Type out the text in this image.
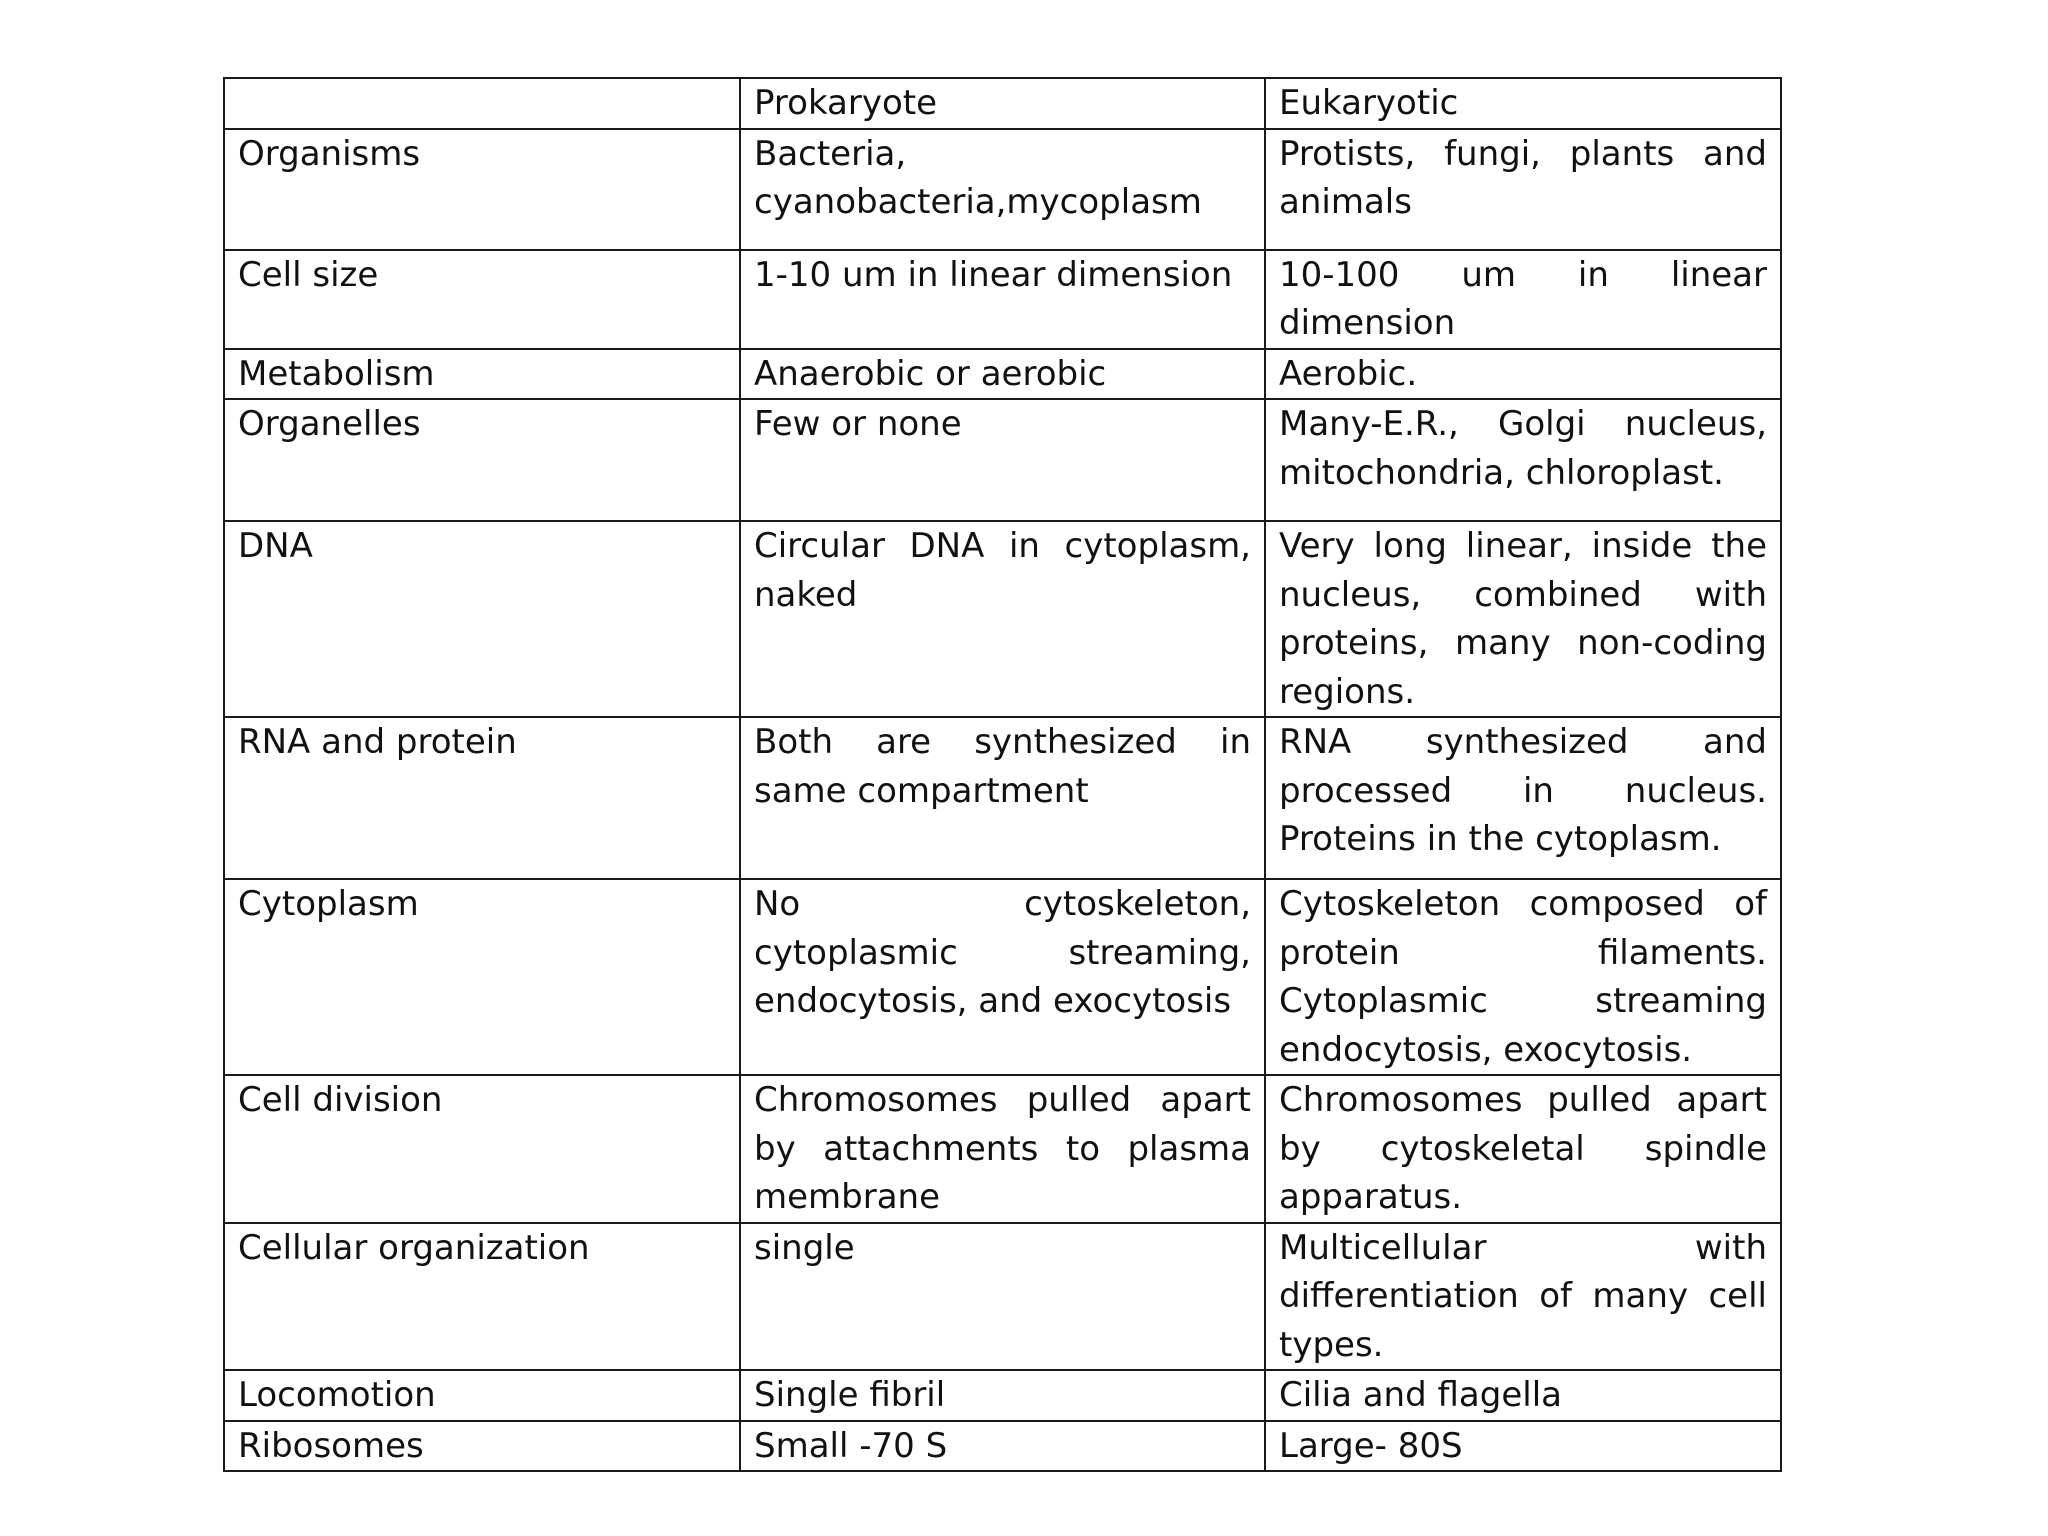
	Prokaryote	Eukaryotic
Organisms	Bacteria, cyanobacteria,mycoplasm	Protists, fungi, plants and animals
Cell size	1-10 um in linear dimension	10-100 um in linear dimension
Metabolism	Anaerobic or aerobic	Aerobic.
Organelles	Few or none	Many-E.R., Golgi nucleus, mitochondria, chloroplast.
DNA	Circular DNA in cytoplasm, naked	Very long linear, inside the nucleus, combined with proteins, many non-coding regions.
RNA and protein	Both are synthesized in same compartment	RNA synthesized and processed in nucleus. Proteins in the cytoplasm.
Cytoplasm	No cytoskeleton, cytoplasmic streaming, endocytosis, and exocytosis	Cytoskeleton composed of protein filaments. Cytoplasmic streaming endocytosis, exocytosis.
Cell division	Chromosomes pulled apart by attachments to plasma membrane	Chromosomes pulled apart by cytoskeletal spindle apparatus.
Cellular organization	single	Multicellular with differentiation of many cell types.
Locomotion	Single fibril	Cilia and flagella
Ribosomes	Small -70 S	Large- 80S
